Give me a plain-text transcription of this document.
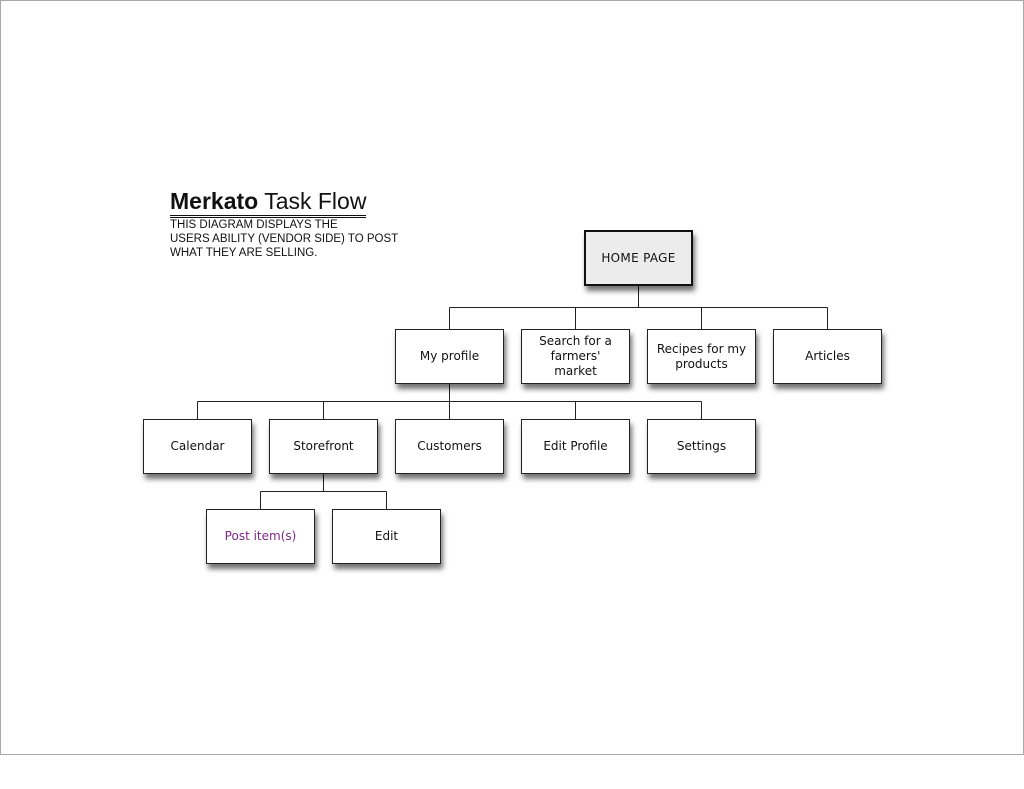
Merkato Task Flow
THIS DIAGRAM DISPLAYS THE
USERS ABILITY (VENDOR SIDE) TO POST
WHAT THEY ARE SELLING.	HOME PAGE
My profile
Search for a farmers' market
Recipes for my products
Articles
Calendar	Storefront	Customers	Edit Profile	Settings
Post item(s)	Edit
